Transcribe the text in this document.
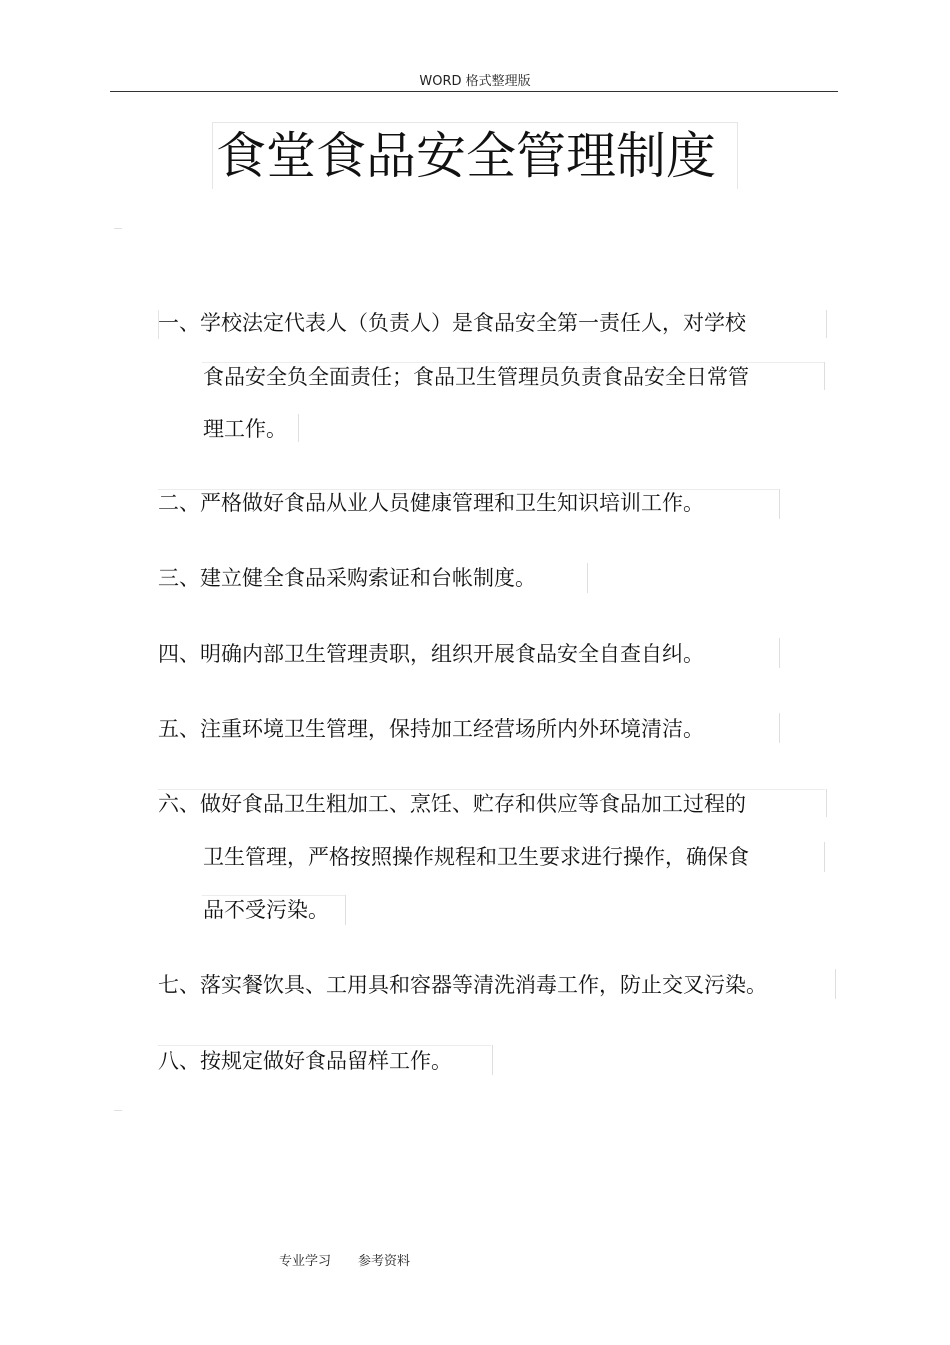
WORD 格式整理版
食堂食品安全管理制度
一、学校法定代表人（负责人）是食品安全第一责任人，对学校
食品安全负全面责任；食品卫生管理员负责食品安全日常管
理工作。
二、严格做好食品从业人员健康管理和卫生知识培训工作。
三、建立健全食品采购索证和台帐制度。
四、明确内部卫生管理责职，组织开展食品安全自查自纠。
五、注重环境卫生管理，保持加工经营场所内外环境清洁。
六、做好食品卫生粗加工、烹饪、贮存和供应等食品加工过程的
卫生管理，严格按照操作规程和卫生要求进行操作，确保食
品不受污染。
七、落实餐饮具、工用具和容器等清洗消毒工作，防止交叉污染。
八、按规定做好食品留样工作。
专业学习 参考资料
